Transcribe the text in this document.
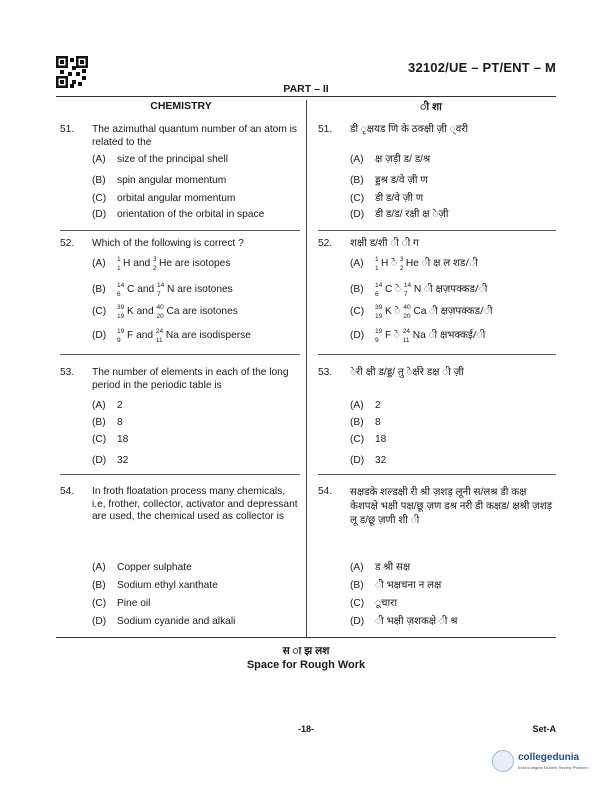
32102/UE – PT/ENT – M
PART – II
CHEMISTRY	ी शा
51. The azimuthal quantum number of an atom is related to the
(A) size of the principal shell
(B) spin angular momentum
(C) orbital angular momentum
(D) orientation of the orbital in space
51. डी ृक्षयड णि के ठक्क्षी ज़ी ्वरी
(A) क्ष ज़ड़ी ड/ ड/श्र
(B) ड्डश्र ड/वे ज़ी ण
(C) डी ड/वे ज़ी ण
(D) डी ड/ड/ रक्षी क्ष ेज़ी
52. Which of the following is correct ?
(A) 1
1 H and 3
2 He are isotopes
(B) 14
6 C and 14
7 N are isotones
(C) 39
19 K and 40
20 Ca are isotones
(D) 19
9 F and 24
11 Na are isodisperse
52. शक्षी ड/शी ी ी ग
(A) 1
1 H 3
2 He ी क्ष ल शड/ी
(B) 14
6 C 14
7 N ी क्षज़पक्कड/ी
(C) 39
19 K 40
20 Ca ी क्षज़पक्कड/ी
(D) 19
9 F 24
11 Na ी क्षभक्कई/ी
53. The number of elements in each of the long period in the periodic table is
(A) 2
(B) 8
(C) 18
(D) 32
53. ेरी क्षी ड/ड्ड/ तु ेर्क्षरे डक्ष ी ज़ी
(A) 2
(B) 8
(C) 18
(D) 32
54. In froth floatation process many chemicals, i.e, frother, collector, activator and depressant are used, the chemical used as collector is
(A) Copper sulphate
(B) Sodium ethyl xanthate
(C) Pine oil
(D) Sodium cyanide and alkali
54. सक्षडके शल्डक्षी री श्री ज़शड़ लूनी स/लश्र डी कक्ष केशपक्षे भक्षी पक्ष/छू ज़ण डश्र नरी डी कक्षड/ क्षश्री ज़शड़ लू ड/छू ज़णी शी ी
(A) ड श्री सक्ष
(B) ी भक्षचना न लक्ष
(C) ूचारा
(D) ी भक्षी ज़शकक्षे ी श्र
स ा झ लश
Space for Rough Work
-18-	Set-A
collegedunia
India's largest Student Review Platform
